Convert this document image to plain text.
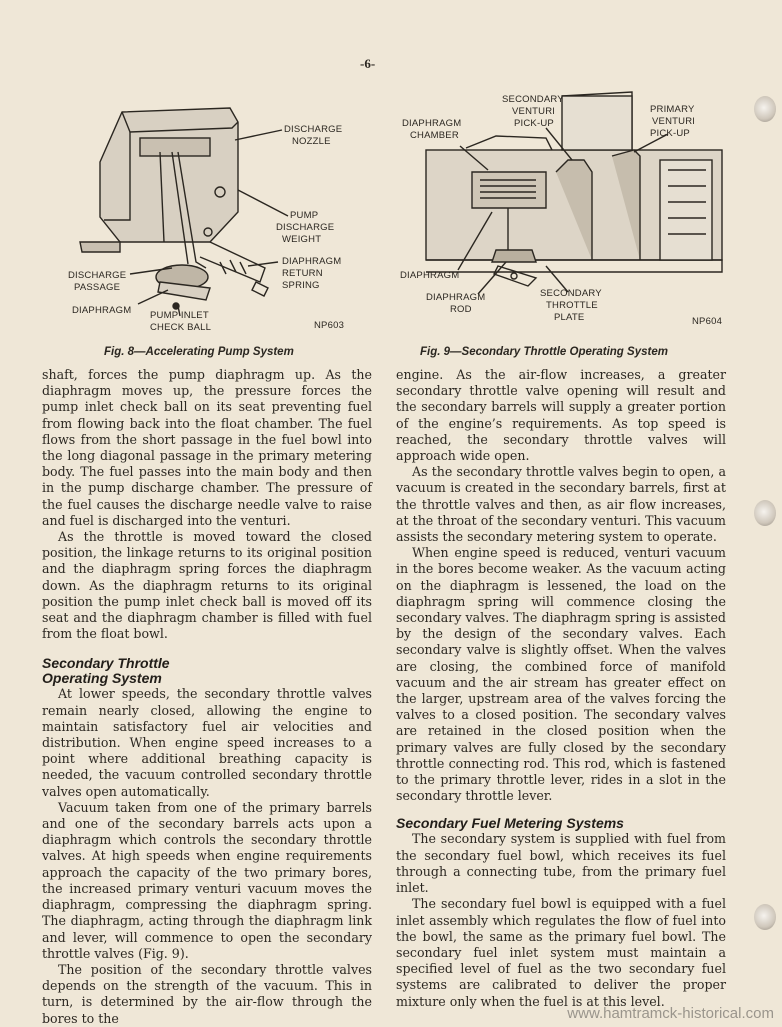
-6-
DISCHARGE
NOZZLE
PUMP
DISCHARGE
WEIGHT
DIAPHRAGM
RETURN
SPRING
DISCHARGE
PASSAGE
DIAPHRAGM PUMP INLET
CHECK BALL	NP603
Fig. 8—Accelerating Pump System
DIAPHRAGM
CHAMBER
SECONDARY
VENTURI
PICK-UP
PRIMARY
VENTURI
PICK-UP
DIAPHRAGM
DIAPHRAGM
ROD
SECONDARY
THROTTLE
PLATE	NP604
Fig. 9—Secondary Throttle Operating System

shaft, forces the pump diaphragm up. As the diaphragm moves up, the pressure forces the pump inlet check ball on its seat preventing fuel from flowing back into the float chamber. The fuel flows from the short passage in the fuel bowl into the long diagonal passage in the primary metering body. The fuel passes into the main body and then in the pump discharge chamber. The pressure of the fuel causes the discharge needle valve to raise and fuel is discharged into the venturi.

As the throttle is moved toward the closed position, the linkage returns to its original position and the diaphragm spring forces the diaphragm down. As the diaphragm returns to its original position the pump inlet check ball is moved off its seat and the diaphragm chamber is filled with fuel from the float bowl.

Secondary Throttle
Operating System

At lower speeds, the secondary throttle valves remain nearly closed, allowing the engine to maintain satisfactory fuel air velocities and distribution. When engine speed increases to a point where additional breathing capacity is needed, the vacuum controlled secondary throttle valves open automatically.

Vacuum taken from one of the primary barrels and one of the secondary barrels acts upon a diaphragm which controls the secondary throttle valves. At high speeds when engine requirements approach the capacity of the two primary bores, the increased primary venturi vacuum moves the diaphragm, compressing the diaphragm spring. The diaphragm, acting through the diaphragm link and lever, will commence to open the secondary throttle valves (Fig. 9).

The position of the secondary throttle valves depends on the strength of the vacuum. This in turn, is determined by the air-flow through the bores to the

engine. As the air-flow increases, a greater secondary throttle valve opening will result and the secondary barrels will supply a greater portion of the engine’s requirements. As top speed is reached, the secondary throttle valves will approach wide open.

As the secondary throttle valves begin to open, a vacuum is created in the secondary barrels, first at the throttle valves and then, as air flow increases, at the throat of the secondary venturi. This vacuum assists the secondary metering system to operate.

When engine speed is reduced, venturi vacuum in the bores become weaker. As the vacuum acting on the diaphragm is lessened, the load on the diaphragm spring will commence closing the secondary valves. The diaphragm spring is assisted by the design of the secondary valves. Each secondary valve is slightly offset. When the valves are closing, the combined force of manifold vacuum and the air stream has greater effect on the larger, upstream area of the valves forcing the valves to a closed position. The secondary valves are retained in the closed position when the primary valves are fully closed by the secondary throttle connecting rod. This rod, which is fastened to the primary throttle lever, rides in a slot in the secondary throttle lever.

Secondary Fuel Metering Systems

The secondary system is supplied with fuel from the secondary fuel bowl, which receives its fuel through a connecting tube, from the primary fuel inlet.

The secondary fuel bowl is equipped with a fuel inlet assembly which regulates the flow of fuel into the bowl, the same as the primary fuel bowl. The secondary fuel inlet system must maintain a specified level of fuel as the two secondary fuel systems are calibrated to deliver the proper mixture only when the fuel is at this level.

www.hamtramck-historical.com
